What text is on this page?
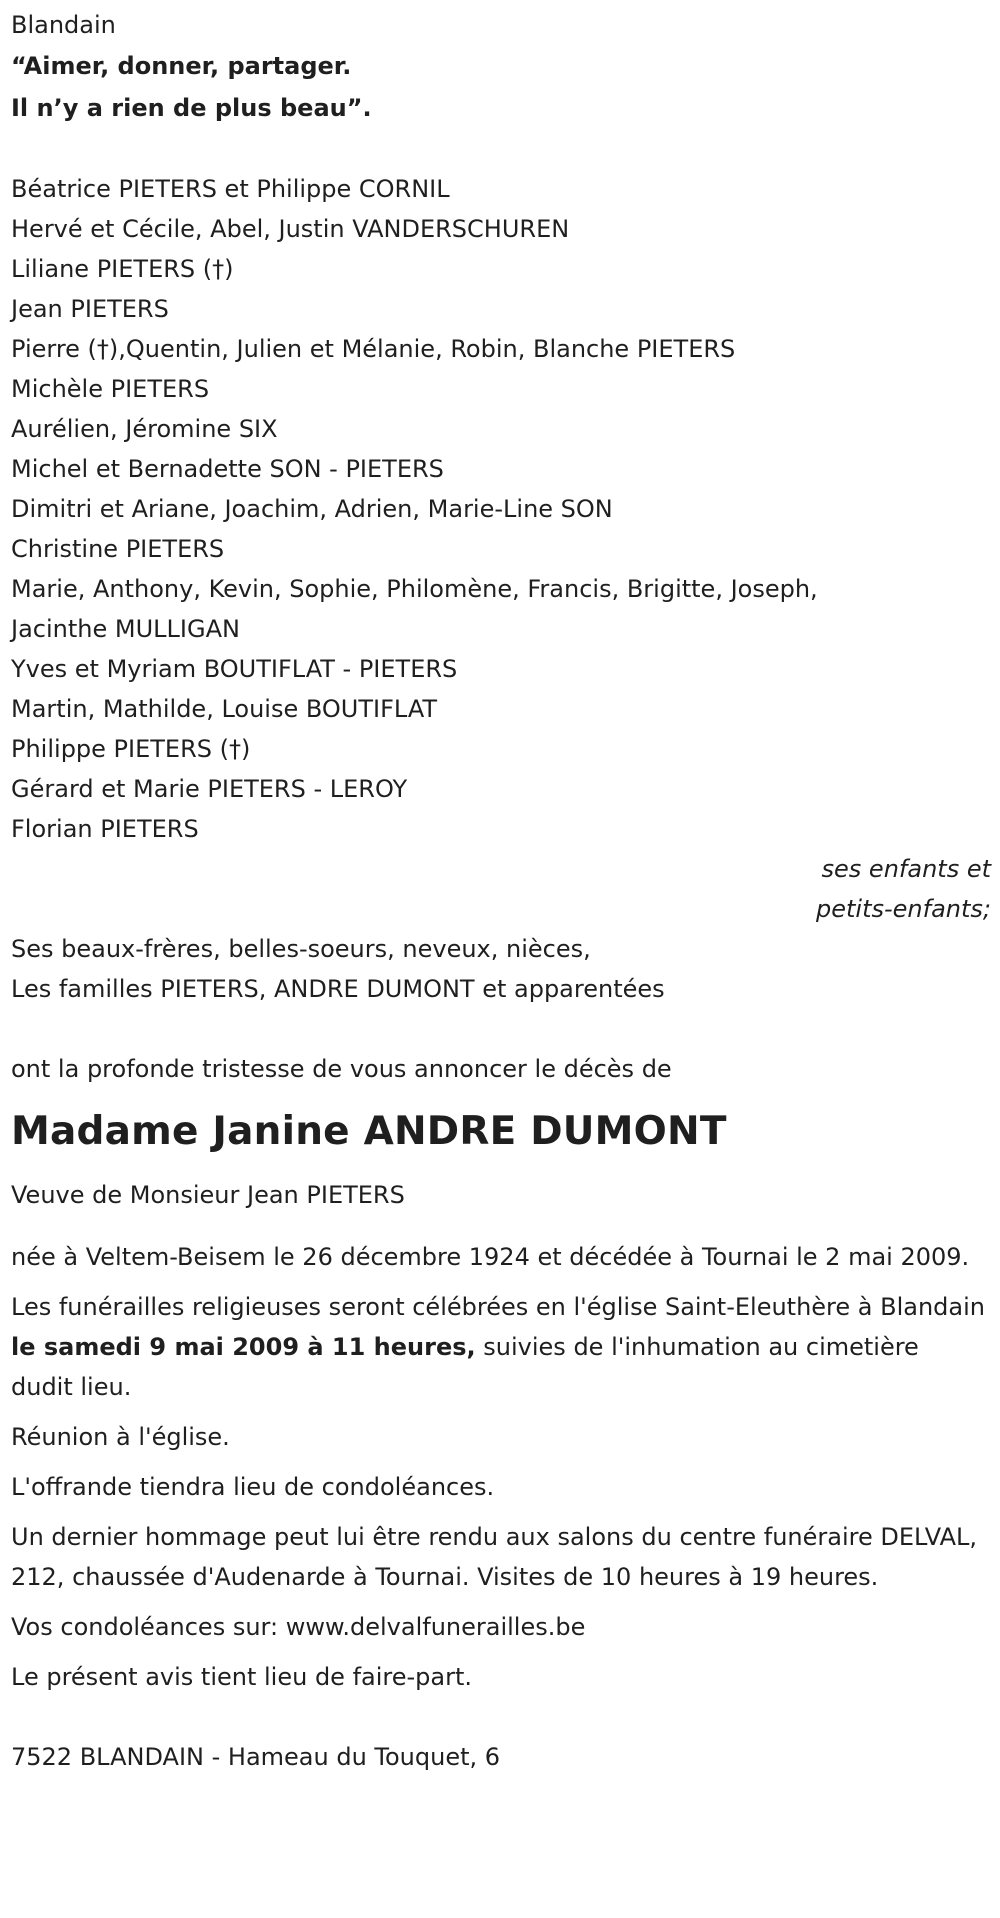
Blandain
“Aimer, donner, partager.
Il n’y a rien de plus beau”.
Béatrice PIETERS et Philippe CORNIL
Hervé et Cécile, Abel, Justin VANDERSCHUREN
Liliane PIETERS (†)
Jean PIETERS
Pierre (†),Quentin, Julien et Mélanie, Robin, Blanche PIETERS
Michèle PIETERS
Aurélien, Jéromine SIX
Michel et Bernadette SON - PIETERS
Dimitri et Ariane, Joachim, Adrien, Marie-Line SON
Christine PIETERS
Marie, Anthony, Kevin, Sophie, Philomène, Francis, Brigitte, Joseph,
Jacinthe MULLIGAN
Yves et Myriam BOUTIFLAT - PIETERS
Martin, Mathilde, Louise BOUTIFLAT
Philippe PIETERS (†)
Gérard et Marie PIETERS - LEROY
Florian PIETERS
ses enfants et
petits-enfants;
Ses beaux-frères, belles-soeurs, neveux, nièces,
Les familles PIETERS, ANDRE DUMONT et apparentées
ont la profonde tristesse de vous annoncer le décès de
Madame Janine ANDRE DUMONT

Veuve de Monsieur Jean PIETERS

née à Veltem-Beisem le 26 décembre 1924 et décédée à Tournai le 2 mai 2009.

Les funérailles religieuses seront célébrées en l'église Saint-Eleuthère à Blandain le samedi 9 mai 2009 à 11 heures, suivies de l'inhumation au cimetière dudit lieu.

Réunion à l'église.

L'offrande tiendra lieu de condoléances.

Un dernier hommage peut lui être rendu aux salons du centre funéraire DELVAL, 212, chaussée d'Audenarde à Tournai. Visites de 10 heures à 19 heures.

Vos condoléances sur: www.delvalfunerailles.be

Le présent avis tient lieu de faire-part.

7522 BLANDAIN - Hameau du Touquet, 6
